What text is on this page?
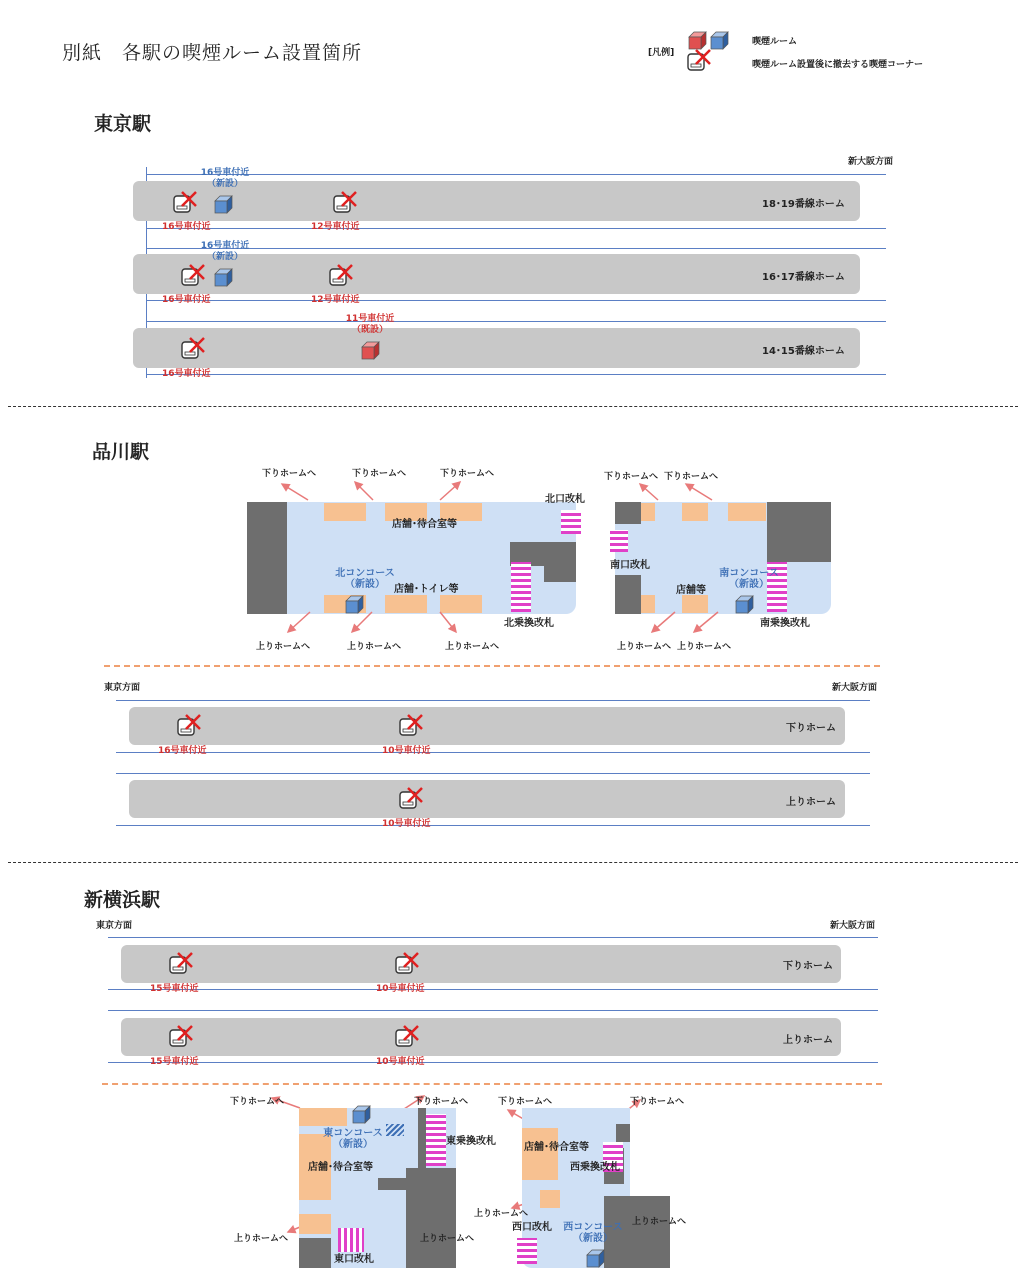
別紙　各駅の喫煙ルーム設置箇所	[凡例]
喫煙ルーム
喫煙ルーム設置後に撤去する喫煙コーナー
東京駅
新大阪方面
18･19番線ホーム
16号車付近
（新設）
16号車付近	12号車付近
16･17番線ホーム
16号車付近
（新設）
16号車付近	12号車付近
14･15番線ホーム
11号車付近
（既設）
16号車付近
品川駅
店舗･待合室等
店舗･トイレ等
北コンコース
（新設）
北口改札
北乗換改札
下りホームへ	下りホームへ	下りホームへ
上りホームへ	上りホームへ	上りホームへ
南口改札
店舗等
南コンコース
（新設）
南乗換改札
下りホームへ 下りホームへ
上りホームへ 上りホームへ
東京方面	新大阪方面
下りホーム
16号車付近	10号車付近
上りホーム
10号車付近
新横浜駅
東京方面	新大阪方面
下りホーム
15号車付近	10号車付近
上りホーム
15号車付近	10号車付近
東コンコース
（新設）
店舗･待合室等
東乗換改札
東口改札
下りホームへ	下りホームへ
上りホームへ	上りホームへ
店舗･待合室等
西乗換改札
西口改札	西コンコース
（新設）
下りホームへ	下りホームへ
上りホームへ
上りホームへ
